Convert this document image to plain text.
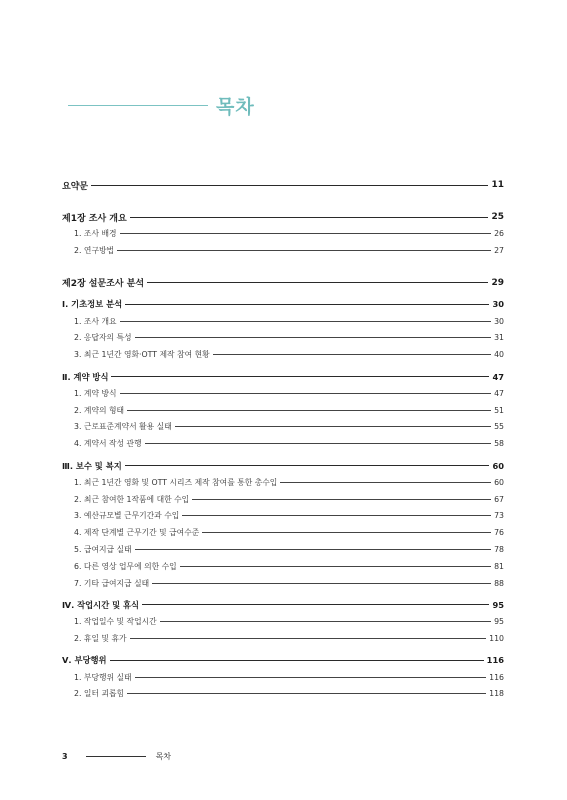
목차
요약문	11
제1장 조사 개요	25
1. 조사 배경	26
2. 연구방법	27
제2장 설문조사 분석	29
Ⅰ. 기초정보 분석	30
1. 조사 개요	30
2. 응답자의 특성	31
3. 최근 1년간 영화·OTT 제작 참여 현황	40
Ⅱ. 계약 방식	47
1. 계약 방식	47
2. 계약의 형태	51
3. 근로표준계약서 활용 실태	55
4. 계약서 작성 관행	58
Ⅲ. 보수 및 복지	60
1. 최근 1년간 영화 및 OTT 시리즈 제작 참여를 통한 총수입	60
2. 최근 참여한 1작품에 대한 수입	67
3. 예산규모별 근무기간과 수입	73
4. 제작 단계별 근무기간 및 급여수준	76
5. 급여지급 실태	78
6. 다른 영상 업무에 의한 수입	81
7. 기타 급여지급 실태	88
Ⅳ. 작업시간 및 휴식	95
1. 작업일수 및 작업시간	95
2. 휴일 및 휴가	110
Ⅴ. 부당행위	116
1. 부당행위 실태	116
2. 일터 괴롭힘	118
3	목차
